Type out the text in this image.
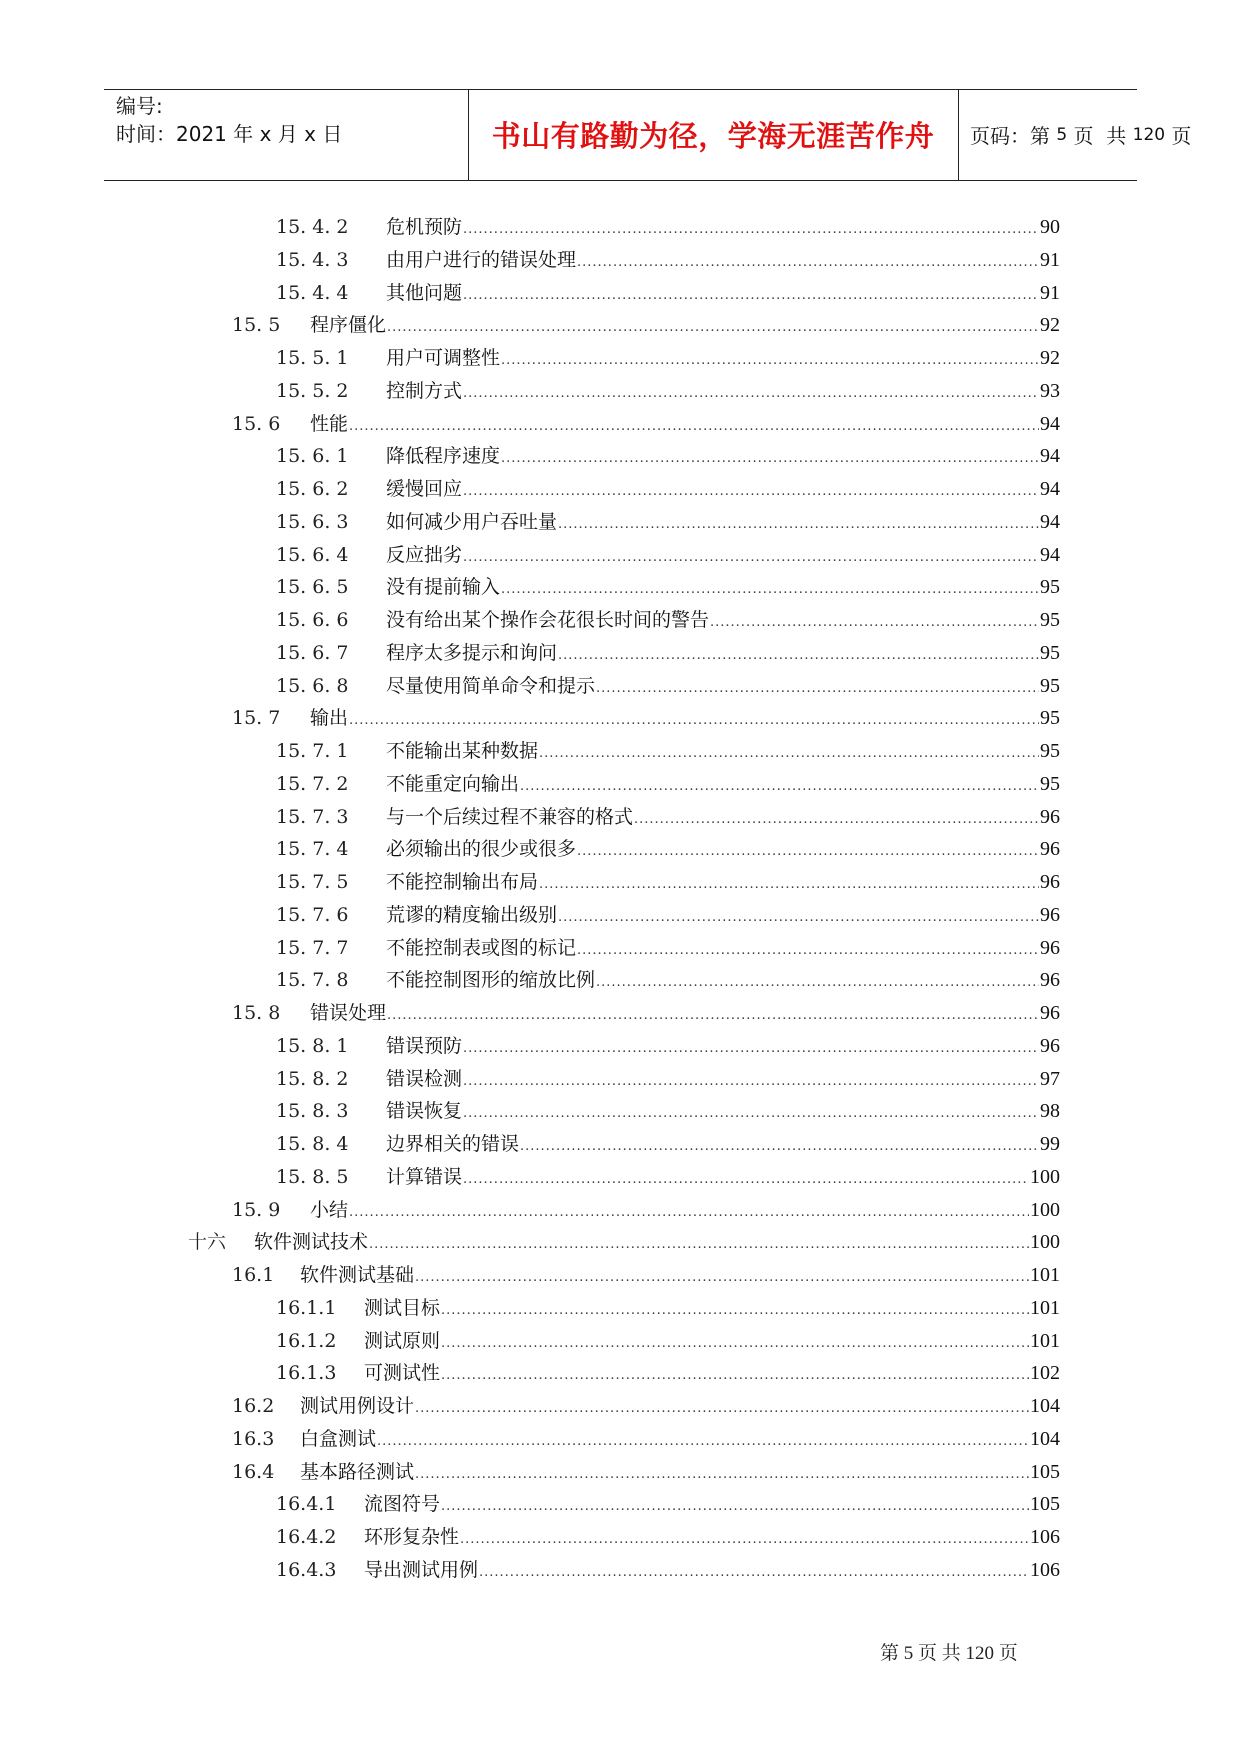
编号:
时间：2021 年 x 月 x 日	书山有路勤为径，学海无涯苦作舟	页码：第 5 页  共 120 页
15. 4. 2	危机预防 .....	90
15. 4. 3	由用户进行的错误处理 .....	91
15. 4. 4	其他问题 .....	91
15. 5	程序僵化 .....	92
15. 5. 1	用户可调整性 .....	92
15. 5. 2	控制方式 .....	93
15. 6	性能 .....	94
15. 6. 1	降低程序速度 .....	94
15. 6. 2	缓慢回应 .....	94
15. 6. 3	如何减少用户吞吐量 .....	94
15. 6. 4	反应拙劣 .....	94
15. 6. 5	没有提前输入 .....	95
15. 6. 6	没有给出某个操作会花很长时间的警告 .....	95
15. 6. 7	程序太多提示和询问 .....	95
15. 6. 8	尽量使用简单命令和提示 .....	95
15. 7	输出 .....	95
15. 7. 1	不能输出某种数据 .....	95
15. 7. 2	不能重定向输出 .....	95
15. 7. 3	与一个后续过程不兼容的格式 .....	96
15. 7. 4	必须输出的很少或很多 .....	96
15. 7. 5	不能控制输出布局 .....	96
15. 7. 6	荒谬的精度输出级别 .....	96
15. 7. 7	不能控制表或图的标记 .....	96
15. 7. 8	不能控制图形的缩放比例 .....	96
15. 8	错误处理 .....	96
15. 8. 1	错误预防 .....	96
15. 8. 2	错误检测 .....	97
15. 8. 3	错误恢复 .....	98
15. 8. 4	边界相关的错误 .....	99
15. 8. 5	计算错误 .....	100
15. 9	小结 .....	100
十六	软件测试技术 .....	100
16.1	软件测试基础 .....	101
16.1.1	测试目标 .....	101
16.1.2	测试原则 .....	101
16.1.3	可测试性 .....	102
16.2	测试用例设计 .....	104
16.3	白盒测试 .....	104
16.4	基本路径测试 .....	105
16.4.1	流图符号 .....	105
16.4.2	环形复杂性 .....	106
16.4.3	导出测试用例 .....	106
第 5 页 共 120 页
